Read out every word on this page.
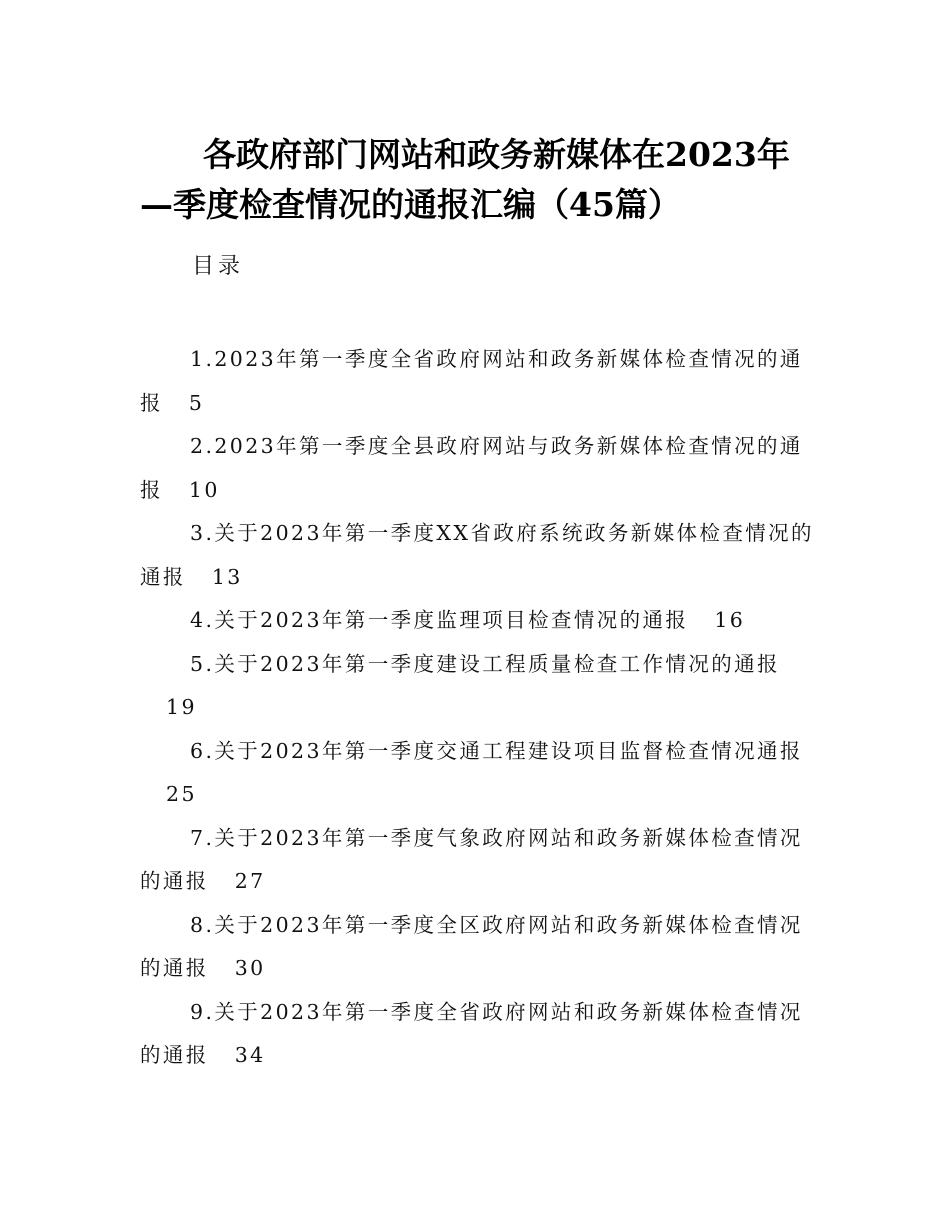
各政府部门网站和政务新媒体在2023年
—季度检查情况的通报汇编（45篇）
目录
1.2023年第一季度全省政府网站和政务新媒体检查情况的通报 5
2.2023年第一季度全县政府网站与政务新媒体检查情况的通报 10
3.关于2023年第一季度XX省政府系统政务新媒体检查情况的通报 13
4.关于2023年第一季度监理项目检查情况的通报 16
5.关于2023年第一季度建设工程质量检查工作情况的通报19
6.关于2023年第一季度交通工程建设项目监督检查情况通报25
7.关于2023年第一季度气象政府网站和政务新媒体检查情况的通报 27
8.关于2023年第一季度全区政府网站和政务新媒体检查情况的通报 30
9.关于2023年第一季度全省政府网站和政务新媒体检查情况的通报 34
